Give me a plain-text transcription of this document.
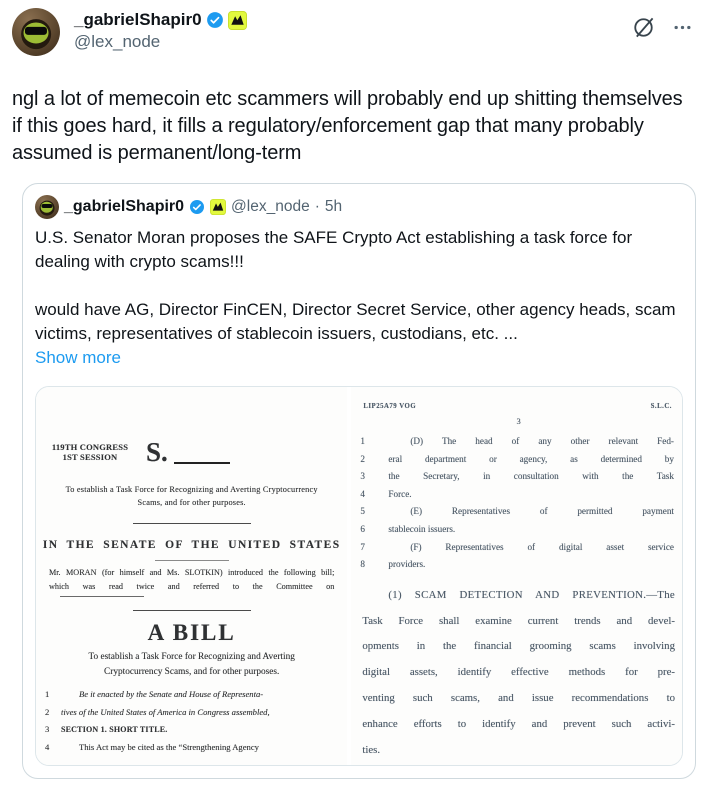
_gabrielShapir0
@lex_node
ngl a lot of memecoin etc scammers will probably end up shitting themselves if this goes hard, it fills a regulatory/enforcement gap that many probably assumed is permanent/long-term
_gabrielShapir0	@lex_node · 5h
U.S. Senator Moran proposes the SAFE Crypto Act establishing a task force for dealing with crypto scams!!!
would have AG, Director FinCEN, Director Secret Service, other agency heads, scam victims, representatives of stablecoin issuers, custodians, etc. ...
Show more
119TH CONGRESS
1ST SESSION	S.
To establish a Task Force for Recognizing and Averting Cryptocurrency Scams, and for other purposes.
IN THE SENATE OF THE UNITED STATES
Mr. MORAN (for himself and Ms. SLOTKIN) introduced the following bill;
which was read twice and referred to the Committee on
A BILL
To establish a Task Force for Recognizing and Averting Cryptocurrency Scams, and for other purposes.
1	Be it enacted by the Senate and House of Representa-
2	tives of the United States of America in Congress assembled,
3	SECTION 1. SHORT TITLE.
4	This Act may be cited as the “Strengthening Agency
LIP25A79 VOG	S.L.C.
3
1	(D) The head of any other relevant Fed-
2	eral department or agency, as determined by
3	the Secretary, in consultation with the Task
4	Force.
5	(E) Representatives of permitted payment
6	stablecoin issuers.
7	(F) Representatives of digital asset service
8	providers.
(1) SCAM DETECTION AND PREVENTION.—The
Task Force shall examine current trends and devel-
opments in the financial grooming scams involving
digital assets, identify effective methods for pre-
venting such scams, and issue recommendations to
enhance efforts to identify and prevent such activi-
ties.
